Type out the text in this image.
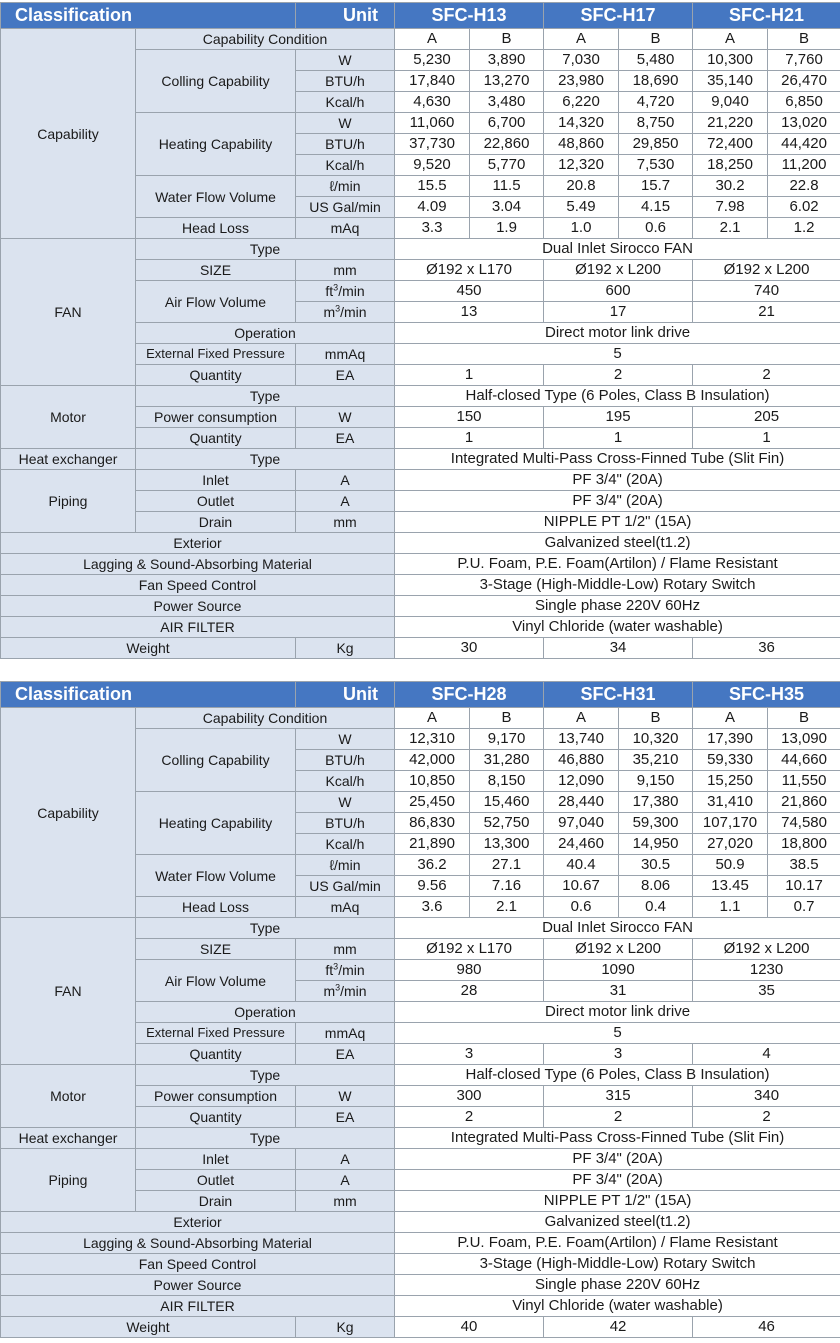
Classification		Unit	SFC-H13		SFC-H17		SFC-H21	
Capability	Capability Condition		A	B	A	B	A	B
	Colling Capability	W	5,230	3,890	7,030	5,480	10,300	7,760
		BTU/h	17,840	13,270	23,980	18,690	35,140	26,470
		Kcal/h	4,630	3,480	6,220	4,720	9,040	6,850
	Heating Capability	W	11,060	6,700	14,320	8,750	21,220	13,020
		BTU/h	37,730	22,860	48,860	29,850	72,400	44,420
		Kcal/h	9,520	5,770	12,320	7,530	18,250	11,200
	Water Flow Volume	ℓ/min	15.5	11.5	20.8	15.7	30.2	22.8
		US Gal/min	4.09	3.04	5.49	4.15	7.98	6.02
	Head Loss	mAq	3.3	1.9	1.0	0.6	2.1	1.2
FAN	Type		Dual Inlet Sirocco FAN					
	SIZE	mm	Ø192 x L170		Ø192 x L200		Ø192 x L200	
	Air Flow Volume	$ft^3/\min$	450		600		740	
		$m^3/\min$	13		17		21	
	Operation		Direct motor link drive					
	External Fixed Pressure	mmAq	5					
	Quantity	EA	1		2		2	
Motor	Type		Half-closed Type (6 Poles, Class B Insulation)					
	Power consumption	W	150		195		205	
	Quantity	EA	1		1		1	
Heat exchanger	Type		Integrated Multi-Pass Cross-Finned Tube (Slit Fin)					
Piping	Inlet	A	PF 3/4" (20A)					
	Outlet	A	PF 3/4" (20A)					
	Drain	mm	NIPPLE PT 1/2" (15A)					
Exterior			Galvanized steel(t1.2)					
Lagging & Sound-Absorbing Material			P.U. Foam, P.E. Foam(Artilon) / Flame Resistant					
Fan Speed Control			3-Stage (High-Middle-Low) Rotary Switch					
Power Source			Single phase 220V 60Hz					
AIR FILTER			Vinyl Chloride (water washable)					
Weight		Kg	30		34		36	
Classification		Unit	SFC-H28		SFC-H31		SFC-H35	
Capability	Capability Condition		A	B	A	B	A	B
	Colling Capability	W	12,310	9,170	13,740	10,320	17,390	13,090
		BTU/h	42,000	31,280	46,880	35,210	59,330	44,660
		Kcal/h	10,850	8,150	12,090	9,150	15,250	11,550
	Heating Capability	W	25,450	15,460	28,440	17,380	31,410	21,860
		BTU/h	86,830	52,750	97,040	59,300	107,170	74,580
		Kcal/h	21,890	13,300	24,460	14,950	27,020	18,800
	Water Flow Volume	ℓ/min	36.2	27.1	40.4	30.5	50.9	38.5
		US Gal/min	9.56	7.16	10.67	8.06	13.45	10.17
	Head Loss	mAq	3.6	2.1	0.6	0.4	1.1	0.7
FAN	Type		Dual Inlet Sirocco FAN					
	SIZE	mm	Ø192 x L170		Ø192 x L200		Ø192 x L200	
	Air Flow Volume	$ft^3/\min$	980		1090		1230	
		$m^3/\min$	28		31		35	
	Operation		Direct motor link drive					
	External Fixed Pressure	mmAq	5					
	Quantity	EA	3		3		4	
Motor	Type		Half-closed Type (6 Poles, Class B Insulation)					
	Power consumption	W	300		315		340	
	Quantity	EA	2		2		2	
Heat exchanger	Type		Integrated Multi-Pass Cross-Finned Tube (Slit Fin)					
Piping	Inlet	A	PF 3/4" (20A)					
	Outlet	A	PF 3/4" (20A)					
	Drain	mm	NIPPLE PT 1/2" (15A)					
Exterior			Galvanized steel(t1.2)					
Lagging & Sound-Absorbing Material			P.U. Foam, P.E. Foam(Artilon) / Flame Resistant					
Fan Speed Control			3-Stage (High-Middle-Low) Rotary Switch					
Power Source			Single phase 220V 60Hz					
AIR FILTER			Vinyl Chloride (water washable)					
Weight		Kg	40		42		46	
